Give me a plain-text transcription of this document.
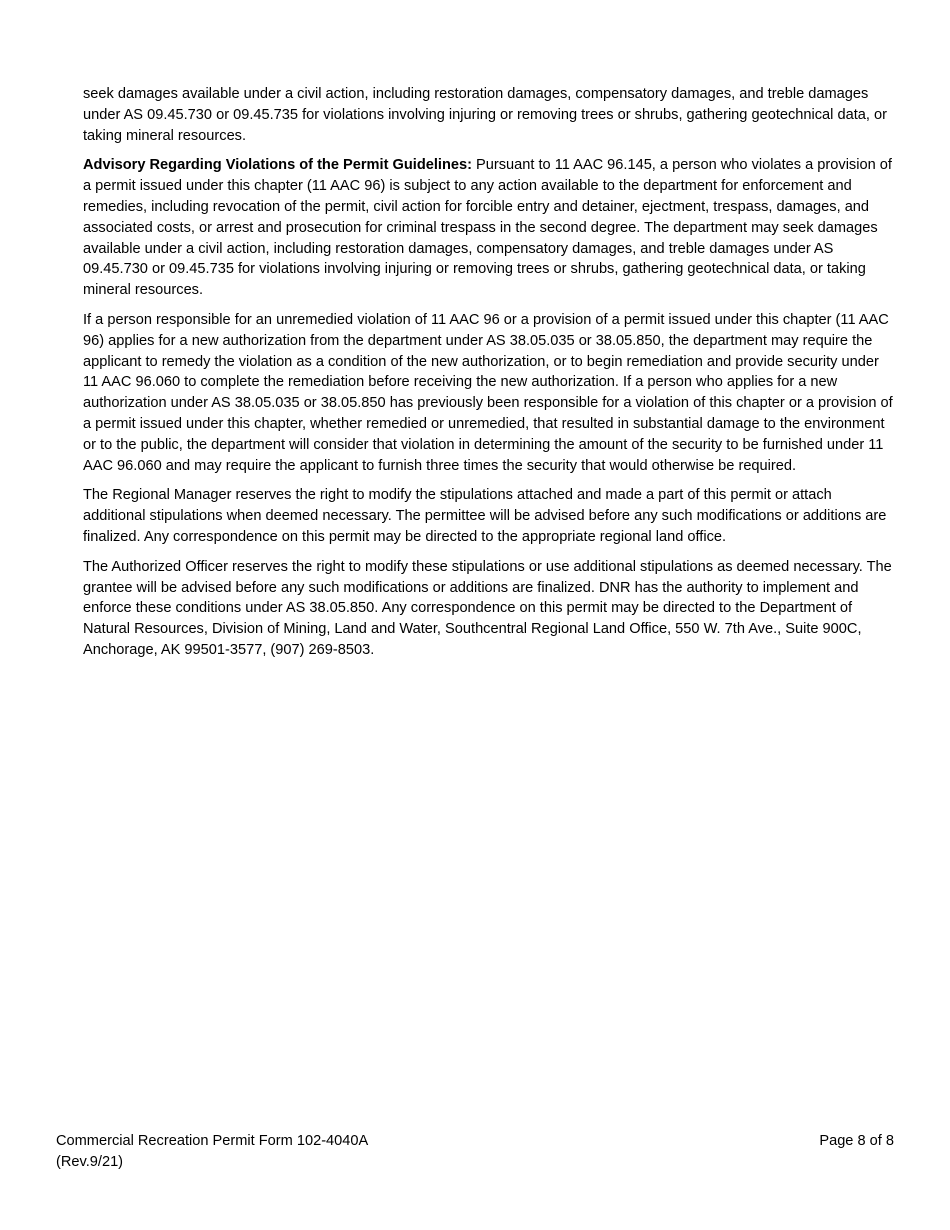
seek damages available under a civil action, including restoration damages, compensatory damages, and treble damages under AS 09.45.730 or 09.45.735 for violations involving injuring or removing trees or shrubs, gathering geotechnical data, or taking mineral resources.

Advisory Regarding Violations of the Permit Guidelines: Pursuant to 11 AAC 96.145, a person who violates a provision of a permit issued under this chapter (11 AAC 96) is subject to any action available to the department for enforcement and remedies, including revocation of the permit, civil action for forcible entry and detainer, ejectment, trespass, damages, and associated costs, or arrest and prosecution for criminal trespass in the second degree. The department may seek damages available under a civil action, including restoration damages, compensatory damages, and treble damages under AS 09.45.730 or 09.45.735 for violations involving injuring or removing trees or shrubs, gathering geotechnical data, or taking mineral resources.

If a person responsible for an unremedied violation of 11 AAC 96 or a provision of a permit issued under this chapter (11 AAC 96) applies for a new authorization from the department under AS 38.05.035 or 38.05.850, the department may require the applicant to remedy the violation as a condition of the new authorization, or to begin remediation and provide security under 11 AAC 96.060 to complete the remediation before receiving the new authorization. If a person who applies for a new authorization under AS 38.05.035 or 38.05.850 has previously been responsible for a violation of this chapter or a provision of a permit issued under this chapter, whether remedied or unremedied, that resulted in substantial damage to the environment or to the public, the department will consider that violation in determining the amount of the security to be furnished under 11 AAC 96.060 and may require the applicant to furnish three times the security that would otherwise be required.

The Regional Manager reserves the right to modify the stipulations attached and made a part of this permit or attach additional stipulations when deemed necessary. The permittee will be advised before any such modifications or additions are finalized. Any correspondence on this permit may be directed to the appropriate regional land office.

The Authorized Officer reserves the right to modify these stipulations or use additional stipulations as deemed necessary. The grantee will be advised before any such modifications or additions are finalized. DNR has the authority to implement and enforce these conditions under AS 38.05.850. Any correspondence on this permit may be directed to the Department of Natural Resources, Division of Mining, Land and Water, Southcentral Regional Land Office, 550 W. 7th Ave., Suite 900C, Anchorage, AK 99501-3577, (907) 269-8503.

Commercial Recreation Permit Form 102-4040A
(Rev.9/21)
Page 8 of 8
